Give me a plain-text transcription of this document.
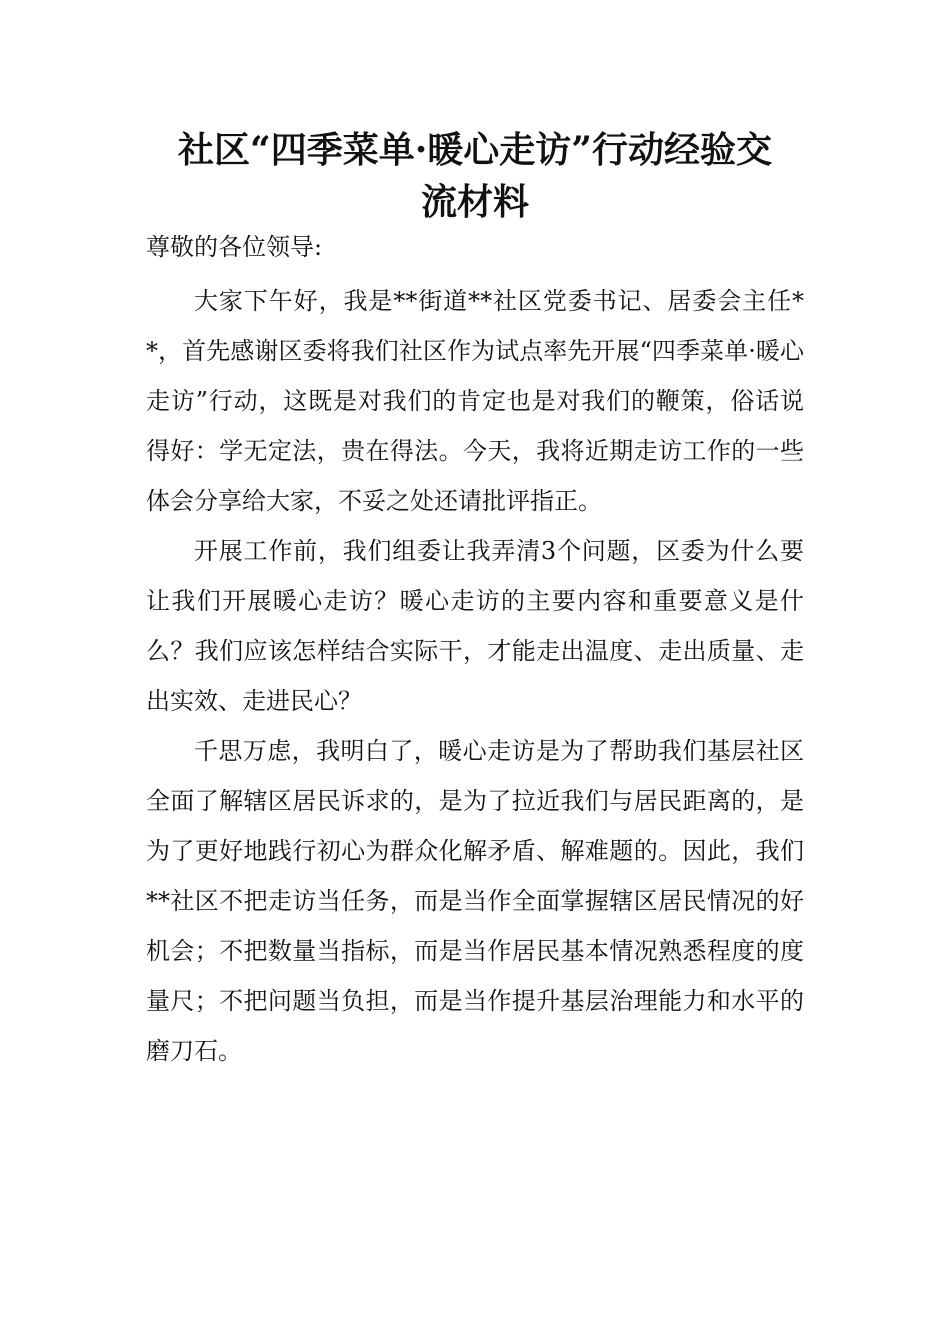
社区“四季菜单·暖心走访”行动经验交
流材料

尊敬的各位领导:

大家下午好，我是**街道**社区党委书记、居委会主任**，首先感谢区委将我们社区作为试点率先开展“四季菜单·暖心走访”行动，这既是对我们的肯定也是对我们的鞭策，俗话说得好：学无定法，贵在得法。今天，我将近期走访工作的一些体会分享给大家，不妥之处还请批评指正。

开展工作前，我们组委让我弄清3个问题，区委为什么要让我们开展暖心走访？暖心走访的主要内容和重要意义是什么？我们应该怎样结合实际干，才能走出温度、走出质量、走出实效、走进民心？

千思万虑，我明白了，暖心走访是为了帮助我们基层社区全面了解辖区居民诉求的，是为了拉近我们与居民距离的，是为了更好地践行初心为群众化解矛盾、解难题的。因此，我们**社区不把走访当任务，而是当作全面掌握辖区居民情况的好机会；不把数量当指标，而是当作居民基本情况熟悉程度的度量尺；不把问题当负担，而是当作提升基层治理能力和水平的磨刀石。
